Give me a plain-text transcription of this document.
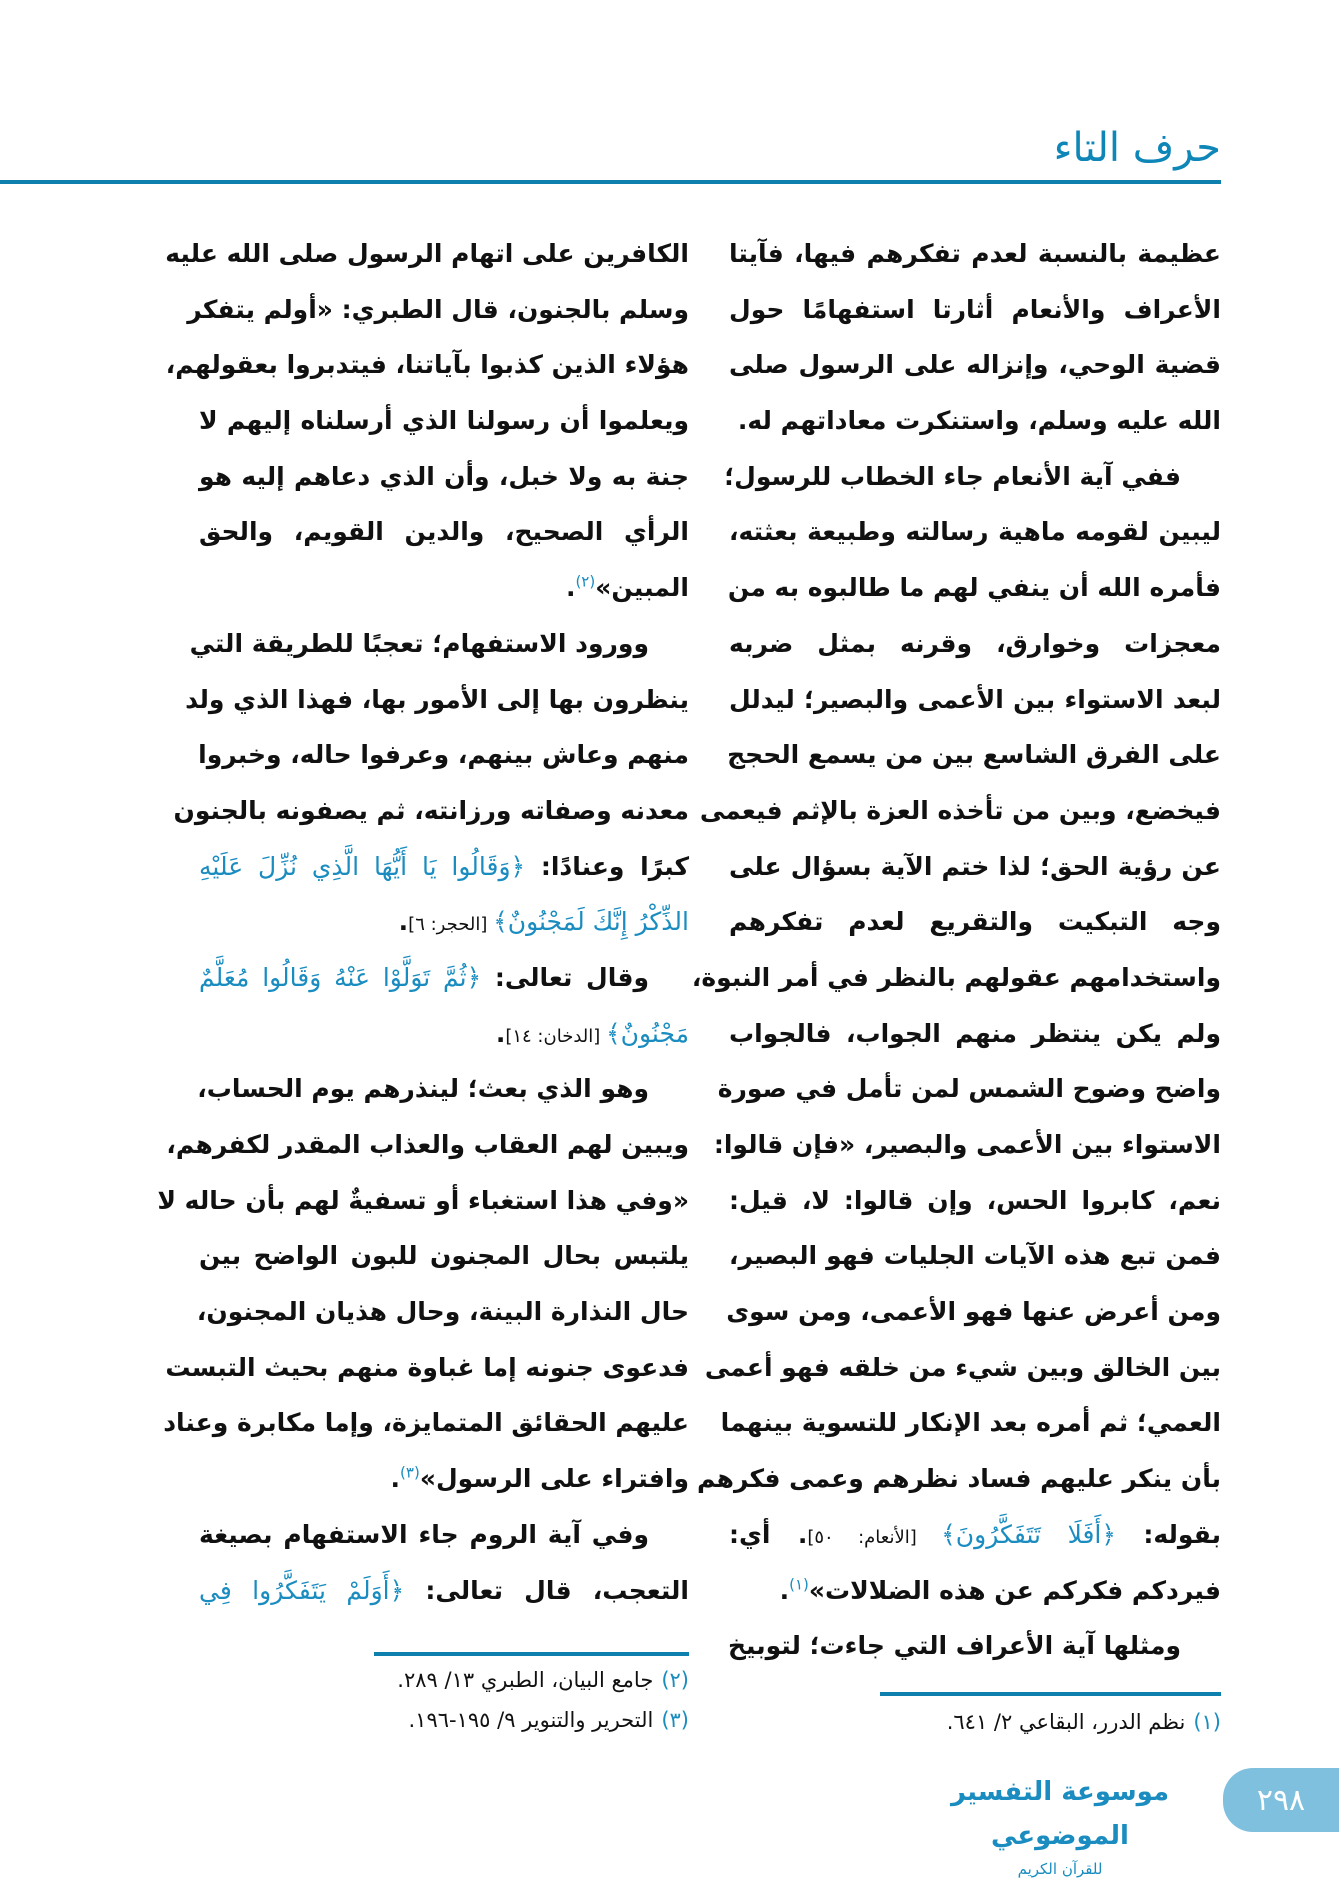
حرف التاء
عظيمة بالنسبة لعدم تفكرهم فيها، فآيتا
الأعراف والأنعام أثارتا استفهامًا حول
قضية الوحي، وإنزاله على الرسول صلى
الله عليه وسلم، واستنكرت معاداتهم له.
ففي آية الأنعام جاء الخطاب للرسول؛
ليبين لقومه ماهية رسالته وطبيعة بعثته،
فأمره الله أن ينفي لهم ما طالبوه به من
معجزات وخوارق، وقرنه بمثل ضربه
لبعد الاستواء بين الأعمى والبصير؛ ليدلل
على الفرق الشاسع بين من يسمع الحجج
فيخضع، وبين من تأخذه العزة بالإثم فيعمى
عن رؤية الحق؛ لذا ختم الآية بسؤال على
وجه التبكيت والتقريع لعدم تفكرهم
واستخدامهم عقولهم بالنظر في أمر النبوة،
ولم يكن ينتظر منهم الجواب، فالجواب
واضح وضوح الشمس لمن تأمل في صورة
الاستواء بين الأعمى والبصير، «فإن قالوا:
نعم، كابروا الحس، وإن قالوا: لا، قيل:
فمن تبع هذه الآيات الجليات فهو البصير،
ومن أعرض عنها فهو الأعمى، ومن سوى
بين الخالق وبين شيء من خلقه فهو أعمى
العمي؛ ثم أمره بعد الإنكار للتسوية بينهما
بأن ينكر عليهم فساد نظرهم وعمى فكرهم
بقوله: ﴿أَفَلَا تَتَفَكَّرُونَ﴾ [الأنعام: ٥٠]. أي:
فيردكم فكركم عن هذه الضلالات»$^{(١)}$.
ومثلها آية الأعراف التي جاءت؛ لتوبيخ
الكافرين على اتهام الرسول صلى الله عليه
وسلم بالجنون، قال الطبري: «أولم يتفكر
هؤلاء الذين كذبوا بآياتنا، فيتدبروا بعقولهم،
ويعلموا أن رسولنا الذي أرسلناه إليهم لا
جنة به ولا خبل، وأن الذي دعاهم إليه هو
الرأي الصحيح، والدين القويم، والحق
المبين»$^{(٢)}$.
وورود الاستفهام؛ تعجبًا للطريقة التي
ينظرون بها إلى الأمور بها، فهذا الذي ولد
منهم وعاش بينهم، وعرفوا حاله، وخبروا
معدنه وصفاته ورزانته، ثم يصفونه بالجنون
كبرًا وعنادًا: ﴿وَقَالُوا يَا أَيُّهَا الَّذِي نُزِّلَ عَلَيْهِ
الذِّكْرُ إِنَّكَ لَمَجْنُونٌ﴾ [الحجر: ٦].
وقال تعالى: ﴿ثُمَّ تَوَلَّوْا عَنْهُ وَقَالُوا مُعَلَّمٌ
مَجْنُونٌ﴾ [الدخان: ١٤].
وهو الذي بعث؛ لينذرهم يوم الحساب،
ويبين لهم العقاب والعذاب المقدر لكفرهم،
«وفي هذا استغباء أو تسفيةٌ لهم بأن حاله لا
يلتبس بحال المجنون للبون الواضح بين
حال النذارة البينة، وحال هذيان المجنون،
فدعوى جنونه إما غباوة منهم بحيث التبست
عليهم الحقائق المتمايزة، وإما مكابرة وعناد
وافتراء على الرسول»$^{(٣)}$.
وفي آية الروم جاء الاستفهام بصيغة
التعجب، قال تعالى: ﴿أَوَلَمْ يَتَفَكَّرُوا فِي
(٢)جامع البيان، الطبري ١٣/ ٢٨٩.
(٣)التحرير والتنوير ٩/ ١٩٥-١٩٦.	(١)نظم الدرر، البقاعي ٢/ ٦٤١.
موسوعة التفسير الموضوعي
للقرآن الكريم
٢٩٨
